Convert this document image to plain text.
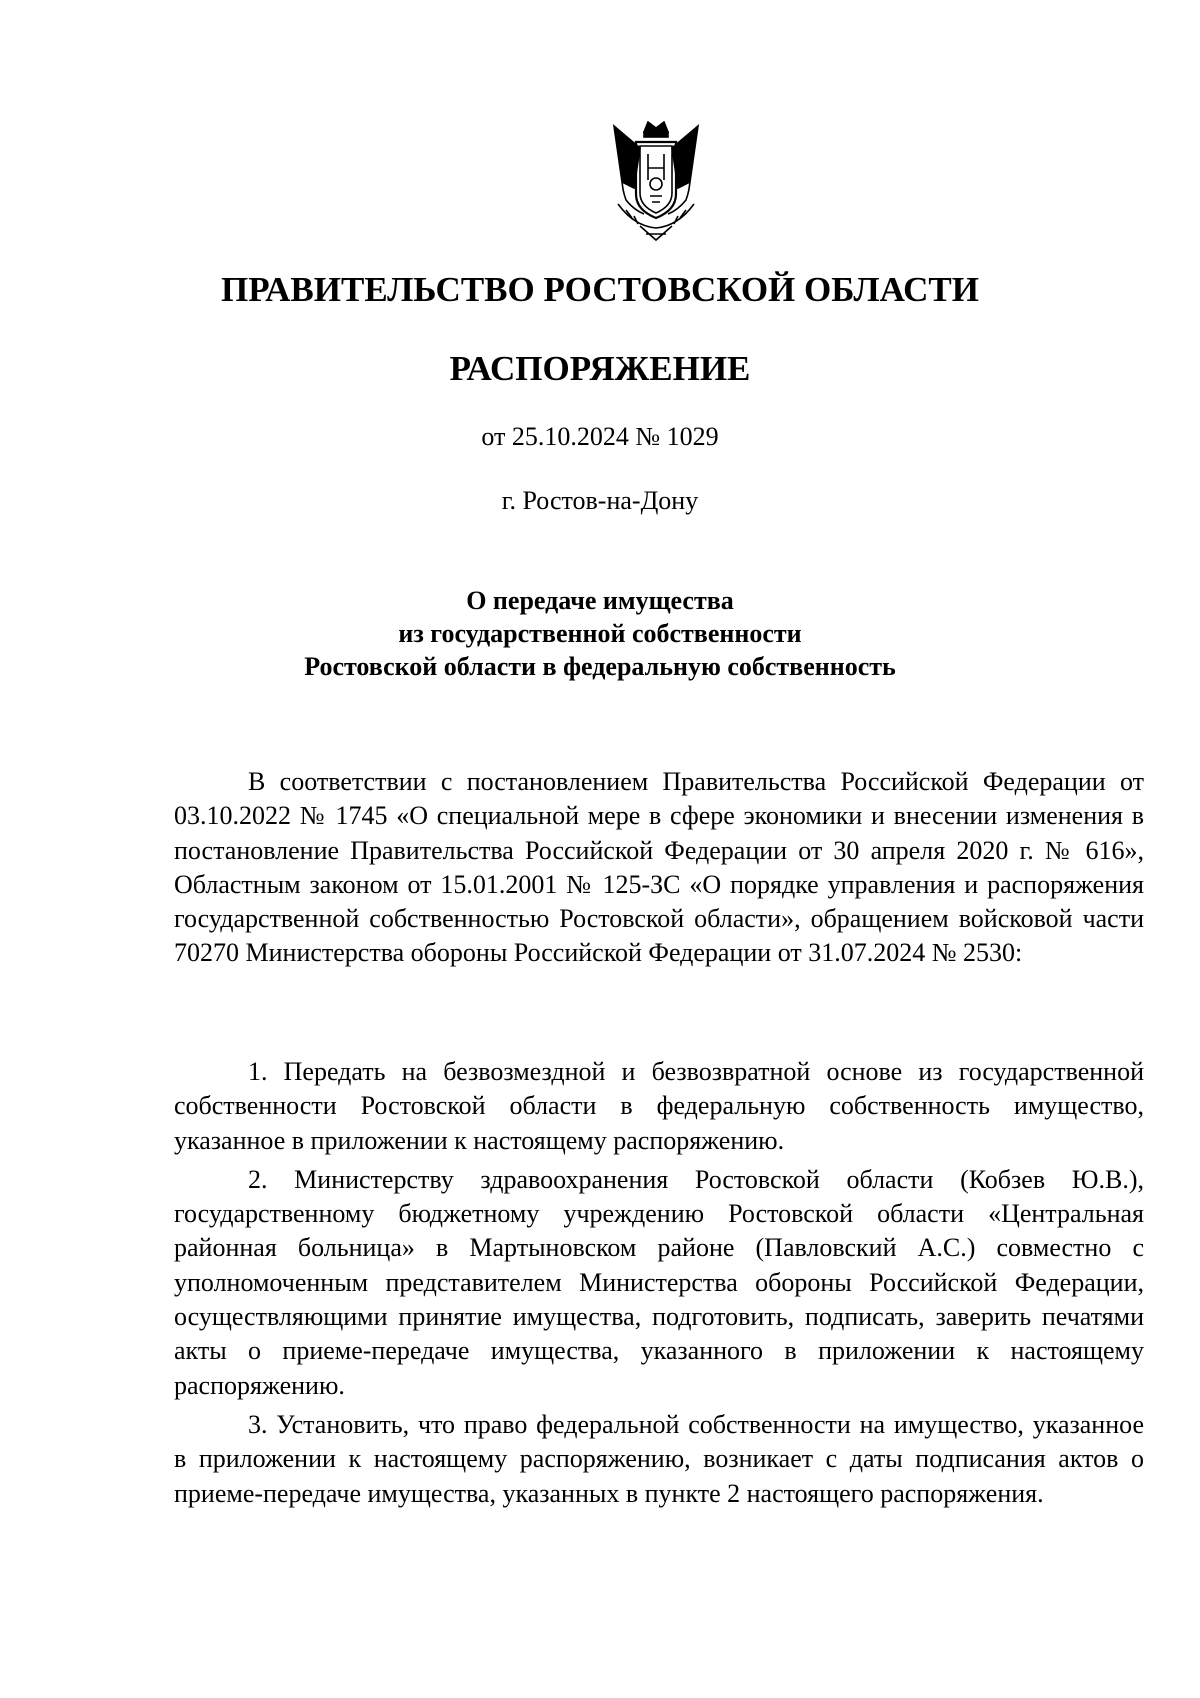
ПРАВИТЕЛЬСТВО РОСТОВСКОЙ ОБЛАСТИ
РАСПОРЯЖЕНИЕ
от 25.10.2024 № 1029
г. Ростов-на-Дону
О передаче имущества
из государственной собственности
Ростовской области в федеральную собственность

В соответствии с постановлением Правительства Российской Федерации от 03.10.2022 № 1745 «О специальной мере в сфере экономики и внесении изменения в постановление Правительства Российской Федерации от 30 апреля 2020 г. № 616», Областным законом от 15.01.2001 № 125-ЗС «О порядке управления и распоряжения государственной собственностью Ростовской области», обращением войсковой части 70270 Министерства обороны Российской Федерации от 31.07.2024 № 2530:

1. Передать на безвозмездной и безвозвратной основе из государственной собственности Ростовской области в федеральную собственность имущество, указанное в приложении к настоящему распоряжению.

2. Министерству здравоохранения Ростовской области (Кобзев Ю.В.), государственному бюджетному учреждению Ростовской области «Центральная районная больница» в Мартыновском районе (Павловский А.С.) совместно с уполномоченным представителем Министерства обороны Российской Федерации, осуществляющими принятие имущества, подготовить, подписать, заверить печатями акты о приеме-передаче имущества, указанного в приложении к настоящему распоряжению.

3. Установить, что право федеральной собственности на имущество, указанное в приложении к настоящему распоряжению, возникает с даты подписания актов о приеме-передаче имущества, указанных в пункте 2 настоящего распоряжения.
